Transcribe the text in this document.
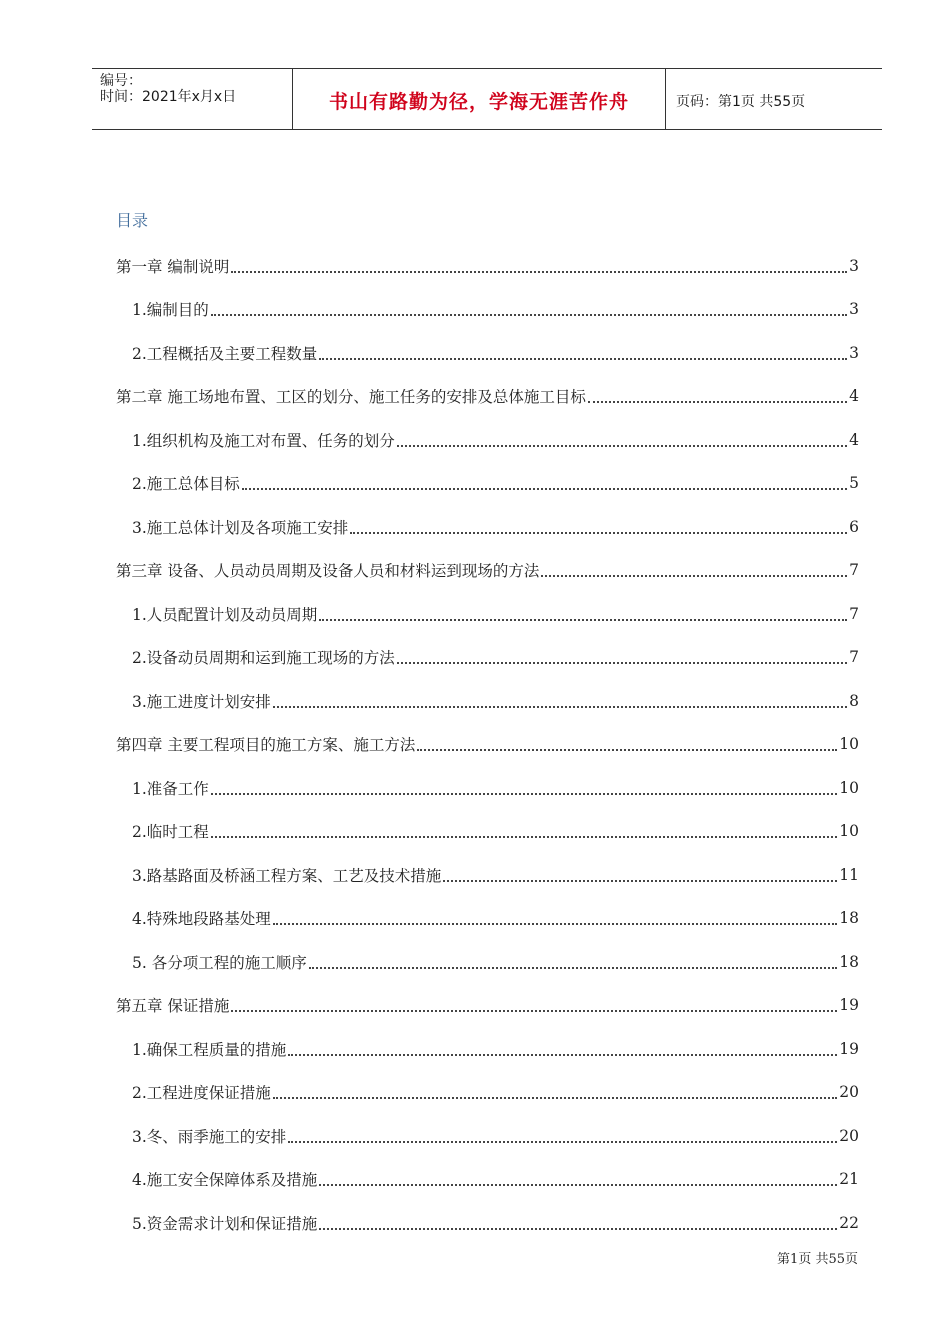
编号：
时间：2021年x月x日	书山有路勤为径，学海无涯苦作舟	页码：第1页 共55页
目录
第一章 编制说明	3
1.编制目的	3
2.工程概括及主要工程数量	3
第二章 施工场地布置、工区的划分、施工任务的安排及总体施工目标	4
1.组织机构及施工对布置、任务的划分	4
2.施工总体目标	5
3.施工总体计划及各项施工安排	6
第三章 设备、人员动员周期及设备人员和材料运到现场的方法	7
1.人员配置计划及动员周期	7
2.设备动员周期和运到施工现场的方法	7
3.施工进度计划安排	8
第四章 主要工程项目的施工方案、施工方法	10
1.准备工作	10
2.临时工程	10
3.路基路面及桥涵工程方案、工艺及技术措施	11
4.特殊地段路基处理	18
5. 各分项工程的施工顺序	18
第五章 保证措施	19
1.确保工程质量的措施	19
2.工程进度保证措施	20
3.冬、雨季施工的安排	20
4.施工安全保障体系及措施	21
5.资金需求计划和保证措施	22
第1页 共55页
